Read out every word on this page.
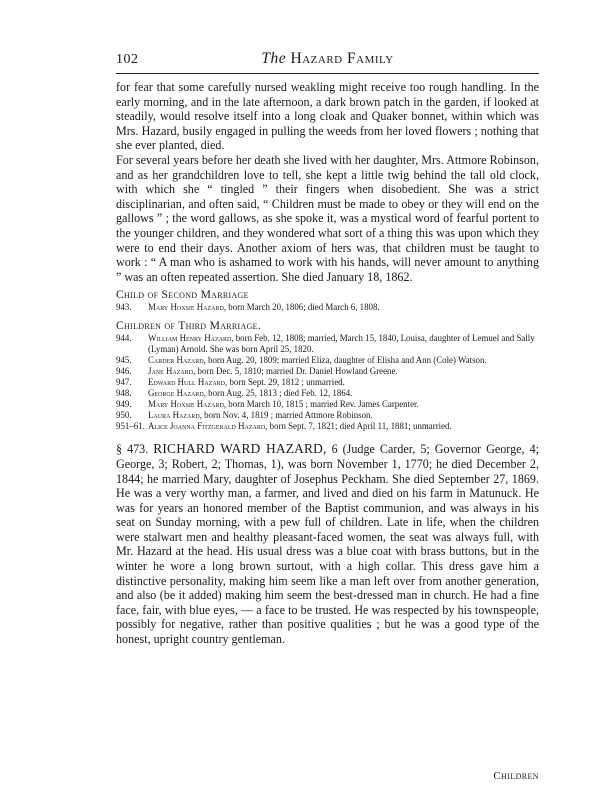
102	The Hazard Family

for fear that some carefully nursed weakling might receive too rough handling. In the early morning, and in the late afternoon, a dark brown patch in the garden, if looked at steadily, would resolve itself into a long cloak and Quaker bonnet, within which was Mrs. Hazard, busily engaged in pulling the weeds from her loved flowers ; nothing that she ever planted, died.

For several years before her death she lived with her daughter, Mrs. Attmore Robinson, and as her grandchildren love to tell, she kept a little twig behind the tall old clock, with which she “ tingled ” their fingers when disobedient. She was a strict disciplinarian, and often said, “ Children must be made to obey or they will end on the gallows ” ; the word gallows, as she spoke it, was a mystical word of fearful portent to the younger children, and they wondered what sort of a thing this was upon which they were to end their days. Another axiom of hers was, that children must be taught to work : “ A man who is ashamed to work with his hands, will never amount to anything ” was an often repeated assertion. She died January 18, 1862.

Child of Second Marriage
943.	Mary Hoxsie Hazard, born March 20, 1806; died March 6, 1808.
Children of Third Marriage.
944.	William Henry Hazard, born Feb. 12, 1808; married, March 15, 1840, Louisa, daughter of Lemuel and Sally (Lyman) Arnold. She was born April 25, 1820.
945.	Carder Hazard, born Aug. 20, 1809; married Eliza, daughter of Elisha and Ann (Cole) Watson.
946.	Jane Hazard, born Dec. 5, 1810; married Dr. Daniel Howland Greene.
947.	Edward Hull Hazard, born Sept. 29, 1812 ; unmarried.
948.	George Hazard, born Aug. 25, 1813 ; died Feb. 12, 1864.
949.	Mary Hoxsie Hazard, born March 10, 1815 ; married Rev. James Carpenter.
950.	Laura Hazard, born Nov. 4, 1819 ; married Attmore Robinson.
951–61. Alice Joanna Fitzgerald Hazard, born Sept. 7, 1821; died April 11, 1881; unmarried.
§ 473. RICHARD WARD HAZARD, 6 (Judge Carder, 5; Governor George, 4; George, 3; Robert, 2; Thomas, 1), was born November 1, 1770; he died December 2, 1844; he married Mary, daughter of Josephus Peckham. She died September 27, 1869. He was a very worthy man, a farmer, and lived and died on his farm in Matunuck. He was for years an honored member of the Baptist communion, and was always in his seat on Sunday morning, with a pew full of children. Late in life, when the children were stalwart men and healthy pleasant-faced women, the seat was always full, with Mr. Hazard at the head. His usual dress was a blue coat with brass buttons, but in the winter he wore a long brown surtout, with a high collar. This dress gave him a distinctive personality, making him seem like a man left over from another generation, and also (be it added) making him seem the best-dressed man in church. He had a fine face, fair, with blue eyes, — a face to be trusted. He was respected by his townspeople, possibly for negative, rather than positive qualities ; but he was a good type of the honest, upright country gentleman.
Children
